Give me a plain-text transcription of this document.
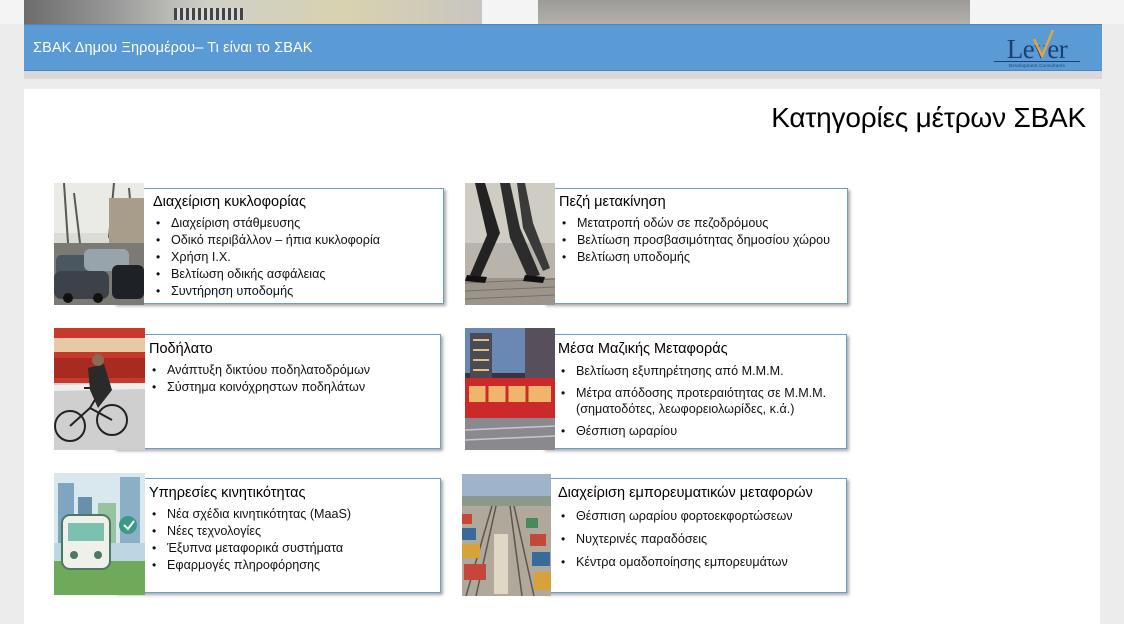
ΣΒΑΚ Δημου Ξηρομέρου– Τι είναι το ΣΒΑΚ	Lever
Development Consultants
Κατηγορίες μέτρων ΣΒΑΚ
Διαχείριση κυκλοφορίας
• Διαχείριση στάθμευσης
• Οδικό περιβάλλον – ήπια κυκλοφορία
• Χρήση Ι.Χ.
• Βελτίωση οδικής ασφάλειας
• Συντήρηση υποδομής
Πεζή μετακίνηση
• Μετατροπή οδών σε πεζοδρόμους
• Βελτίωση προσβασιμότητας δημοσίου χώρου
• Βελτίωση υποδομής
Ποδήλατο
• Ανάπτυξη δικτύου ποδηλατοδρόμων
• Σύστημα κοινόχρηστων ποδηλάτων
Μέσα Μαζικής Μεταφοράς
• Βελτίωση εξυπηρέτησης από Μ.Μ.Μ.
• Μέτρα απόδοσης προτεραιότητας σε Μ.Μ.Μ.
(σηματοδότες, λεωφορειολωρίδες, κ.ά.)
• Θέσπιση ωραρίου
Υπηρεσίες κινητικότητας
• Νέα σχέδια κινητικότητας (MaaS)
• Νέες τεχνολογίες
• Έξυπνα μεταφορικά συστήματα
• Εφαρμογές πληροφόρησης
Διαχείριση εμπορευματικών μεταφορών
• Θέσπιση ωραρίου φορτοεκφορτώσεων
• Νυχτερινές παραδόσεις
• Κέντρα ομαδοποίησης εμπορευμάτων
